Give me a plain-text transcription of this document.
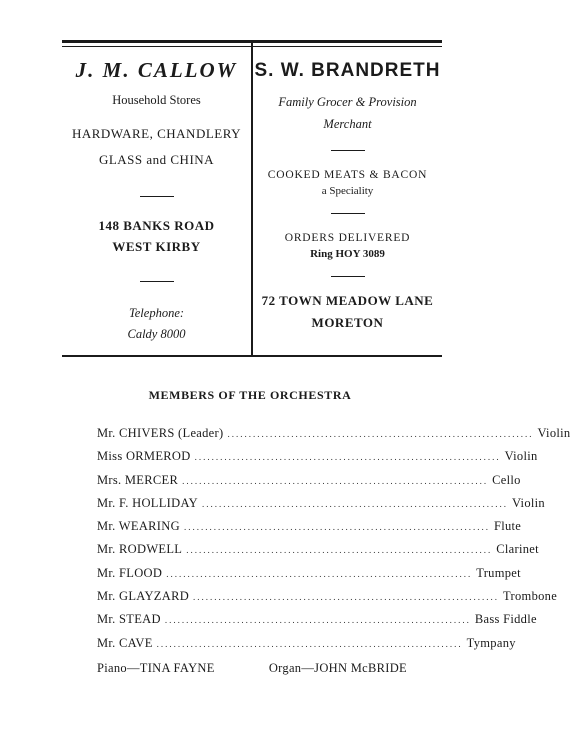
J. M. CALLOW
Household Stores
HARDWARE, CHANDLERY
GLASS and CHINA
148 BANKS ROAD
WEST KIRBY
Telephone:
Caldy 8000
S. W. BRANDRETH
Family Grocer & Provision
Merchant
COOKED MEATS & BACON
a Speciality
ORDERS DELIVERED
Ring HOY 3089
72 TOWN MEADOW LANE
MORETON
MEMBERS OF THE ORCHESTRA
Mr. CHIVERS (Leader) ........................................................................ Violin
Miss ORMEROD ........................................................................ Violin
Mrs. MERCER ........................................................................ Cello
Mr. F. HOLLIDAY ........................................................................ Violin
Mr. WEARING ........................................................................ Flute
Mr. RODWELL ........................................................................ Clarinet
Mr. FLOOD ........................................................................ Trumpet
Mr. GLAYZARD ........................................................................ Trombone
Mr. STEAD ........................................................................ Bass Fiddle
Mr. CAVE ........................................................................ Tympany
Piano—TINA FAYNE	Organ—JOHN McBRIDE
